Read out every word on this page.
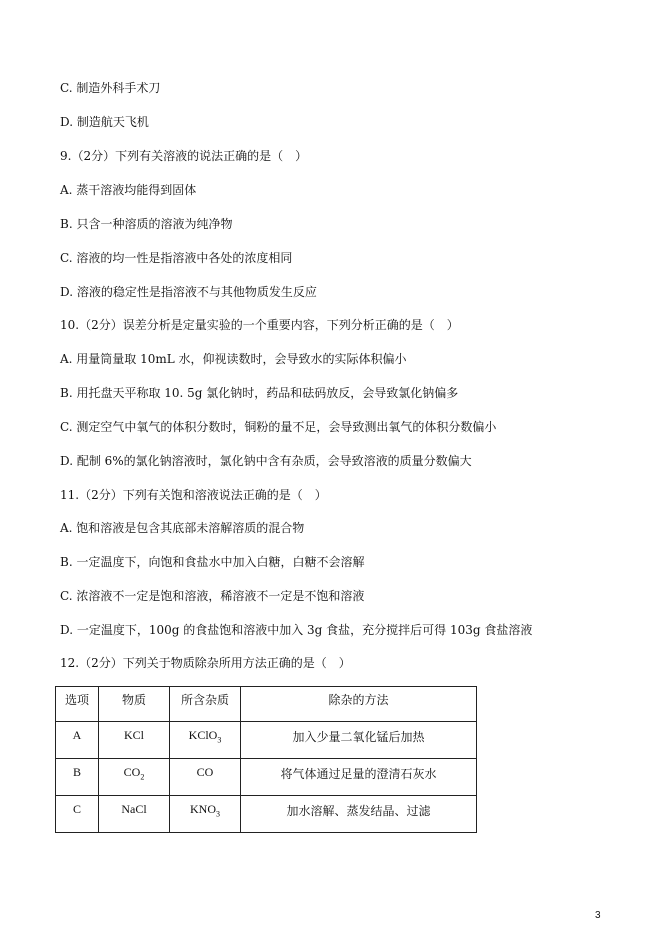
C. 制造外科手术刀
D. 制造航天飞机
9.（2分）下列有关溶液的说法正确的是（　）
A. 蒸干溶液均能得到固体
B. 只含一种溶质的溶液为纯净物
C. 溶液的均一性是指溶液中各处的浓度相同
D. 溶液的稳定性是指溶液不与其他物质发生反应
10.（2分）误差分析是定量实验的一个重要内容，下列分析正确的是（　）
A. 用量筒量取 10mL 水，仰视读数时，会导致水的实际体积偏小
B. 用托盘天平称取 10. 5g 氯化钠时，药品和砝码放反，会导致氯化钠偏多
C. 测定空气中氧气的体积分数时，铜粉的量不足，会导致测出氧气的体积分数偏小
D. 配制 6%的氯化钠溶液时，氯化钠中含有杂质，会导致溶液的质量分数偏大
11.（2分）下列有关饱和溶液说法正确的是（　）
A. 饱和溶液是包含其底部未溶解溶质的混合物
B. 一定温度下，向饱和食盐水中加入白糖，白糖不会溶解
C. 浓溶液不一定是饱和溶液，稀溶液不一定是不饱和溶液
D. 一定温度下，100g 的食盐饱和溶液中加入 3g 食盐，充分搅拌后可得 103g 食盐溶液
12.（2分）下列关于物质除杂所用方法正确的是（　）
选项	物质	所含杂质	除杂的方法
A	KCl	KClO$_3$	加入少量二氧化锰后加热
B	$CO_2$	CO	将气体通过足量的澄清石灰水
C	NaCl	$KNO_3$	加水溶解、蒸发结晶、过滤
3
